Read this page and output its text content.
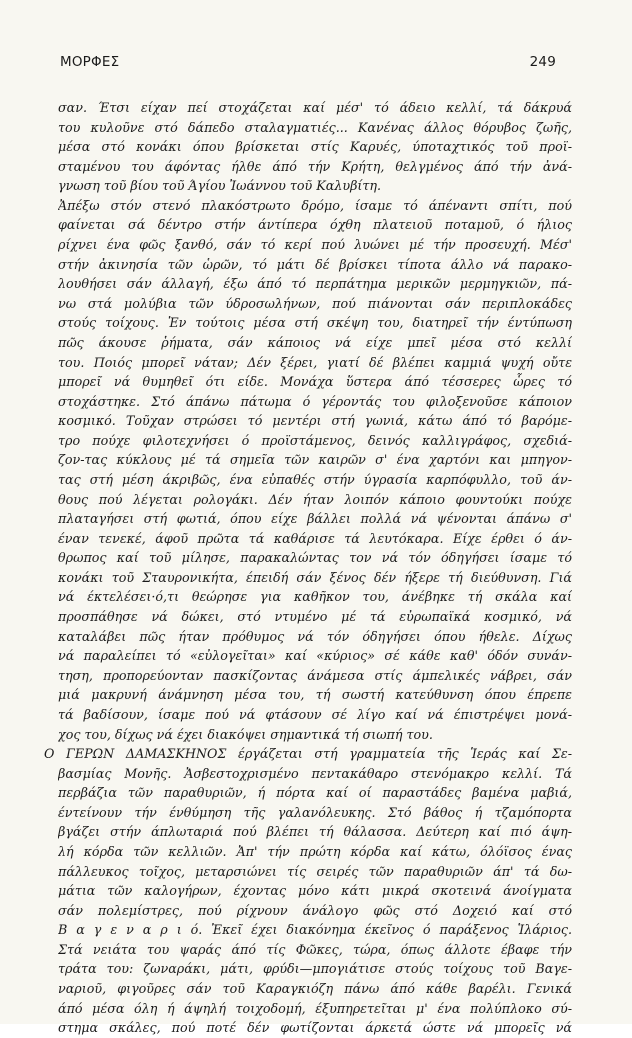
ΜΟΡΦΕΣ	249
σαν. Έτσι είχαν πεί στοχάζεται καί μέσ' τό άδειο κελλί, τά δάκρυά
του κυλοῦνε στό δάπεδο σταλαγματιές... Κανένας άλλος θόρυβος ζωῆς,
μέσα στό κονάκι όπου βρίσκεται στίς Καρυές, ύποταχτικός τοῦ προϊ-
σταμένου του άφόντας ήλθε άπό τήν Κρήτη, θελγμένος άπό τήν ἀνά-
γνωση τοῦ βίου τοῦ Άγίου Ἰωάννου τοῦ Καλυβίτη.
Ἀπέξω στόν στενό πλακόστρωτο δρόμο, ίσαμε τό άπέναντι σπίτι, πού
φαίνεται σά δέντρο στήν άντίπερα όχθη πλατειοῦ ποταμοῦ, ό ήλιος
ρίχνει ένα φῶς ξανθό, σάν τό κερί πού λυώνει μέ τήν προσευχή. Μέσ'
στήν ἀκινησία τῶν ὡρῶν, τό μάτι δέ βρίσκει τίποτα άλλο νά παρακο-
λουθήσει σάν άλλαγή, έξω άπό τό περπάτημα μερικῶν μερμηγκιῶν, πά-
νω στά μολύβια τῶν ύδροσωλήνων, πού πιάνονται σάν περιπλοκάδες
στούς τοίχους. Ἐν τούτοις μέσα στή σκέψη του, διατηρεῖ τήν έντύπωση
πῶς άκουσε ῥήματα, σάν κάποιος νά είχε μπεῖ μέσα στό κελλί
του. Ποιός μπορεῖ νάταν; Δέν ξέρει, γιατί δέ βλέπει καμμιά ψυχή οὔτε
μπορεῖ νά θυμηθεῖ ότι είδε. Μονάχα ὕστερα άπό τέσσερες ὧρες τό
στοχάστηκε. Στό άπάνω πάτωμα ό γέροντάς του φιλοξενοῦσε κάποιον
κοσμικό. Τοῦχαν στρώσει τό μεντέρι στή γωνιά, κάτω άπό τό βαρόμε-
τρο πούχε φιλοτεχνήσει ό προϊστάμενος, δεινός καλλιγράφος, σχεδιά-
ζον-τας κύκλους μέ τά σημεῖα τῶν καιρῶν σ' ένα χαρτόνι και μπηγον-
τας στή μέση άκριβῶς, ένα εὐπαθές στήν ύγρασία καρπόφυλλο, τοῦ άν-
θους πού λέγεται ρολογάκι. Δέν ήταν λοιπόν κάποιο φουντούκι πούχε
πλαταγήσει στή φωτιά, όπου είχε βάλλει πολλά νά ψένονται άπάνω σ'
έναν τενεκέ, άφοῦ πρῶτα τά καθάρισε τά λευτόκαρα. Είχε έρθει ό άν-
θρωπος καί τοῦ μίλησε, παρακαλώντας τον νά τόν όδηγήσει ίσαμε τό
κονάκι τοῦ Σταυρονικήτα, έπειδή σάν ξένος δέν ήξερε τή διεύθυνση. Γιά
νά έκτελέσει·ό,τι θεώρησε για καθῆκον του, άνέβηκε τή σκάλα καί
προσπάθησε νά δώκει, στό ντυμένο μέ τά εὐρωπαϊκά κοσμικό, νά
καταλάβει πῶς ήταν πρόθυμος νά τόν όδηγήσει όπου ήθελε. Δίχως
νά παραλείπει τό «εὐλογεῖται» καί «κύριος» σέ κάθε καθ' όδόν συνάν-
τηση, προπορεύονταν πασκίζοντας άνάμεσα στίς άμπελικές νάβρει, σάν
μιά μακρυνή άνάμνηση μέσα του, τή σωστή κατεύθυνση όπου έπρεπε
τά βαδίσουν, ίσαμε πού νά φτάσουν σέ λίγο καί νά έπιστρέψει μονά-
χος του, δίχως νά έχει διακόψει σημαντικά τή σιωπή του.
Ο ΓΕΡΩΝ ΔΑΜΑΣΚΗΝΟΣ έργάζεται στή γραμματεία τῆς Ἱεράς καί Σε-
βασμίας Μονῆς. Ἀσβεστοχρισμένο πεντακάθαρο στενόμακρο κελλί. Τά
περβάζια τῶν παραθυριῶν, ή πόρτα καί οί παραστάδες βαμένα μαβιά,
έντείνουν τήν ένθύμηση τῆς γαλανόλευκης. Στό βάθος ή τζαμόπορτα
βγάζει στήν άπλωταριά πού βλέπει τή θάλασσα. Δεύτερη καί πιό άψη-
λή κόρδα τῶν κελλιῶν. Ἀπ' τήν πρώτη κόρδα καί κάτω, όλόϊσος ένας
πάλλευκος τοῖχος, μεταρσιώνει τίς σειρές τῶν παραθυριῶν άπ' τά δω-
μάτια τῶν καλογήρων, έχοντας μόνο κάτι μικρά σκοτεινά άνοίγματα
σάν πολεμίστρες, πού ρίχνουν άνάλογο φῶς στό Δοχειό καί στό
Β α γ ε ν α ρ ι ό. Ἐκεῖ έχει διακόνημα έκεῖνος ό παράξενος Ἱλάριος.
Στά νειάτα του ψαράς άπό τίς Φῶκες, τώρα, όπως άλλοτε έβαφε τήν
τράτα του: ζωναράκι, μάτι, φρύδι—μπογιάτισε στούς τοίχους τοῦ Βαγε-
ναριοῦ, φιγοῦρες σάν τοῦ Καραγκιόζη πάνω άπό κάθε βαρέλι. Γενικά
άπό μέσα όλη ή άψηλή τοιχοδομή, έξυπηρετεῖται μ' ένα πολύπλοκο σύ-
στημα σκάλες, πού ποτέ δέν φωτίζονται άρκετά ώστε νά μπορεῖς νά
